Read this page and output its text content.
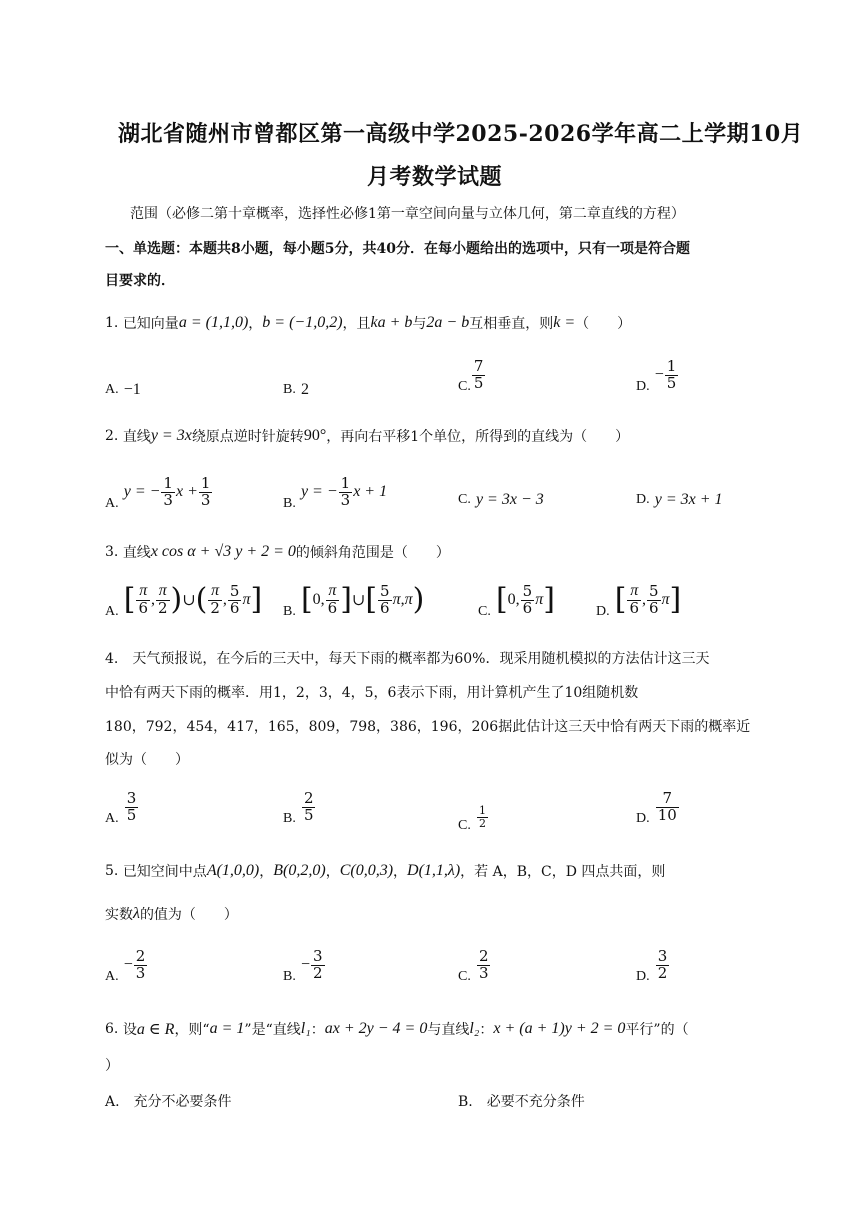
湖北省随州市曾都区第一高级中学2025-2026学年高二上学期10月
月考数学试题
范围（必修二第十章概率，选择性必修1第一章空间向量与立体几何，第二章直线的方程）
一、单选题：本题共8小题，每小题5分，共40分．在每小题给出的选项中，只有一项是符合题
目要求的．
1.
已知向量 a = (1,1,0) ， b = (−1,0,2) ，且 ka + b 与 2a − b 互相垂直，则 k = （　　）
A.
−1	B.
2	C. $\frac{7}{5}$	D.

− $\frac{1}{5}$
2.
直线 y = 3x 绕原点逆时针旋转 90° ，再向右平移1个单位，所得到的直线为（　　）
A.

y = − $\frac{1}{3}$ $x + \frac{1}{3}$	B.

y = − $\frac{1}{3}$ x + 1	C.
y = 3x − 3	D.
y = 3x + 1
3.
直线 x cos α + √3 y + 2 = 0 的倾斜角范围是（　　）
A.
[ $\frac{\pi}{6}$ , $\frac{\pi}{2}$ ) ∪ ( $\frac{\pi}{2}$ , $\frac{5}{6}$ π ] B.
[ 0 , $\frac{\pi}{6}$ ] ∪ [ $\frac{5}{6}$ π , π )	C.
[ 0 , $\frac{5}{6}$ π ]	D.
[ $\frac{\pi}{6}$ , $\frac{5}{6}$ π ]
4.　天气预报说，在今后的三天中，每天下雨的概率都为60%．现采用随机模拟的方法估计这三天
中恰有两天下雨的概率．用1，2，3，4，5，6表示下雨，用计算机产生了10组随机数
180，792，454，417，165，809，798，386，196，206据此估计这三天中恰有两天下雨的概率近
似为（　　）
A.
$\frac{3}{5}$	B.
$\frac{2}{5}$
C.
$\frac{1}{2}$	D.
$\frac{7}{10}$
5.
已知空间中点 A(1,0,0) ， B(0,2,0) ， C(0,0,3) ， D(1,1,λ) ，若 A，B，C，D 四点共面，则
实数 λ 的值为（　　）
A.

− $\frac{2}{3}$	B.

− $\frac{3}{2}$	C.
$\frac{2}{3}$	D.
$\frac{3}{2}$
6.
设 a ∈ R ，则“ a = 1 ”是“直线 l₁ ： ax + 2y − 4 = 0 与直线 l₂ ： x + (a + 1)y + 2 = 0 平行”的（
）
A.　充分不必要条件	B.　必要不充分条件
